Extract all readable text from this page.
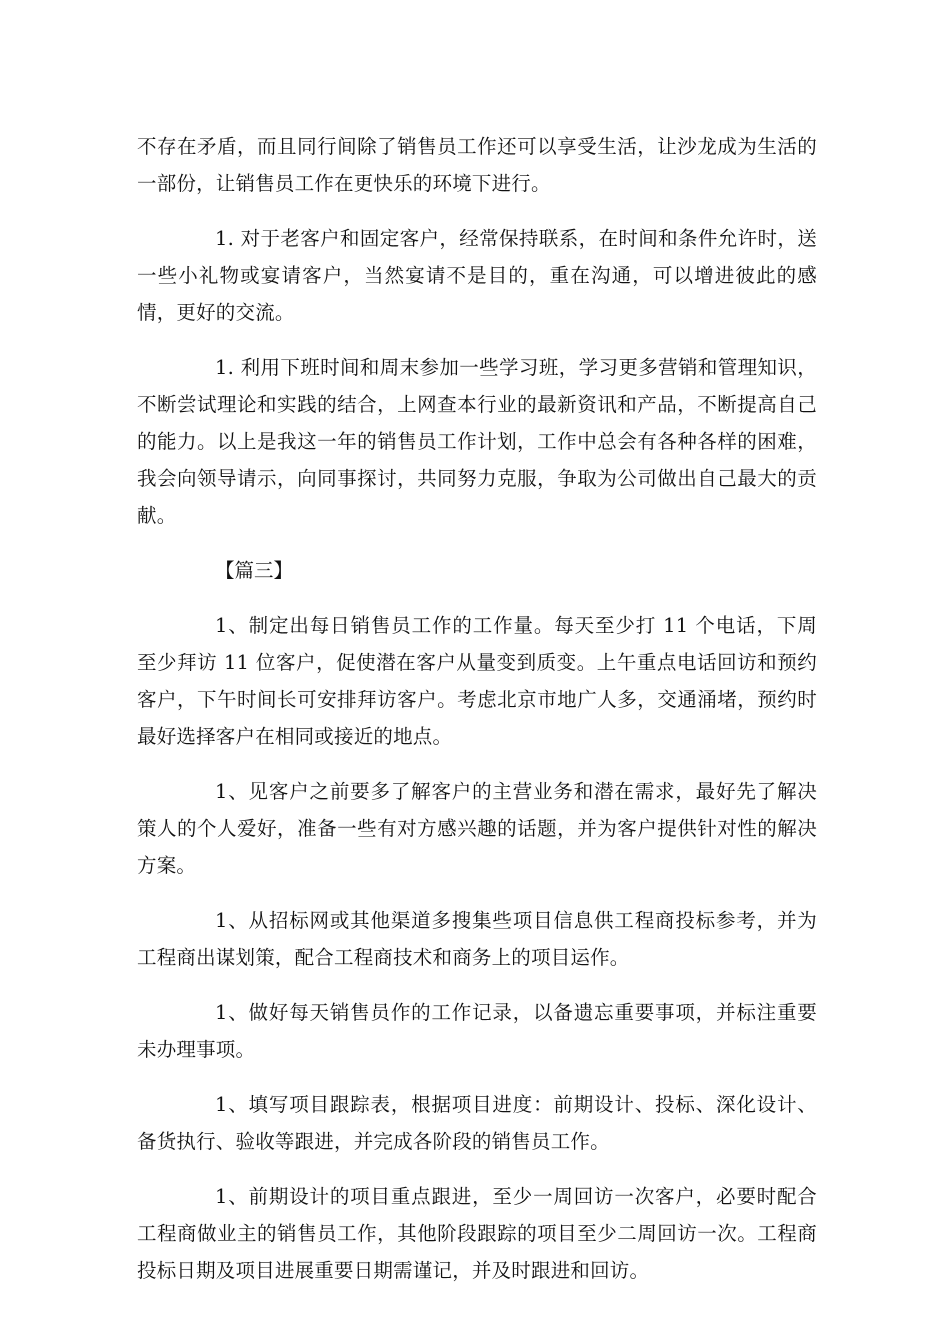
不存在矛盾，而且同行间除了销售员工作还可以享受生活，让沙龙成为生活的一部份，让销售员工作在更快乐的环境下进行。

1. 对于老客户和固定客户，经常保持联系，在时间和条件允许时，送一些小礼物或宴请客户，当然宴请不是目的，重在沟通，可以增进彼此的感情，更好的交流。

1. 利用下班时间和周末参加一些学习班，学习更多营销和管理知识，不断尝试理论和实践的结合，上网查本行业的最新资讯和产品，不断提高自己的能力。以上是我这一年的销售员工作计划，工作中总会有各种各样的困难，我会向领导请示，向同事探讨，共同努力克服，争取为公司做出自己最大的贡献。

【篇三】

1、制定出每日销售员工作的工作量。每天至少打 11 个电话，下周至少拜访 11 位客户，促使潜在客户从量变到质变。上午重点电话回访和预约客户，下午时间长可安排拜访客户。考虑北京市地广人多，交通涌堵，预约时最好选择客户在相同或接近的地点。

1、见客户之前要多了解客户的主营业务和潜在需求，最好先了解决策人的个人爱好，准备一些有对方感兴趣的话题，并为客户提供针对性的解决方案。

1、从招标网或其他渠道多搜集些项目信息供工程商投标参考，并为工程商出谋划策，配合工程商技术和商务上的项目运作。

1、做好每天销售员作的工作记录，以备遗忘重要事项，并标注重要未办理事项。

1、填写项目跟踪表，根据项目进度：前期设计、投标、深化设计、备货执行、验收等跟进，并完成各阶段的销售员工作。

1、前期设计的项目重点跟进，至少一周回访一次客户，必要时配合工程商做业主的销售员工作，其他阶段跟踪的项目至少二周回访一次。工程商投标日期及项目进展重要日期需谨记，并及时跟进和回访。
